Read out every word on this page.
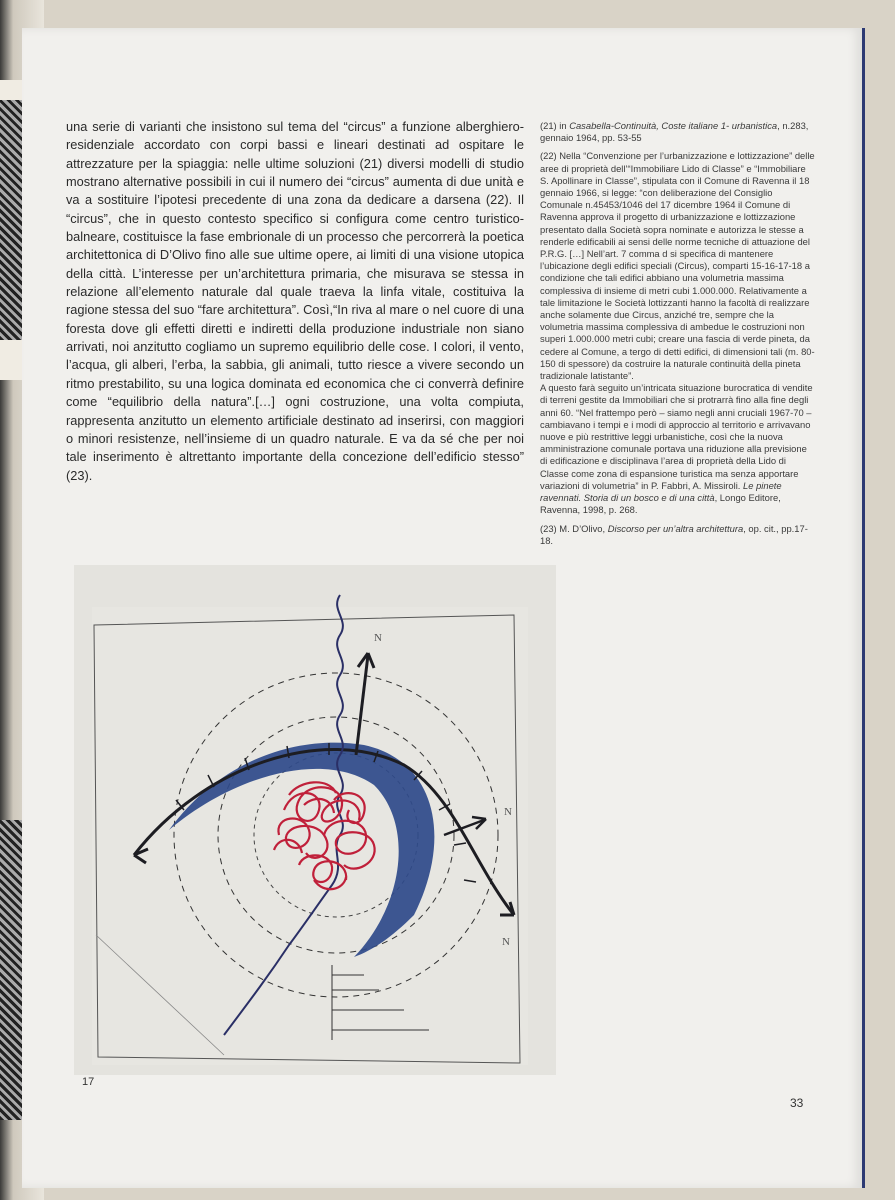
una serie di varianti che insistono sul tema del “circus” a funzione alberghiero-residenziale accordato con corpi bassi e lineari destinati ad ospitare le attrezzature per la spiaggia: nelle ultime soluzioni (21) diversi modelli di studio mostrano alternative possibili in cui il numero dei “circus” aumenta di due unità e va a sostituire l’ipotesi precedente di una zona da dedicare a darsena (22). Il “circus”, che in questo contesto specifico si configura come centro turistico-balneare, costituisce la fase embrionale di un processo che percorrerà la poetica architettonica di D’Olivo fino alle sue ultime opere, ai limiti di una visione utopica della città. L’interesse per un’architettura primaria, che misurava se stessa in relazione all’elemento naturale dal quale traeva la linfa vitale, costituiva la ragione stessa del suo “fare architettura”. Così,“In riva al mare o nel cuore di una foresta dove gli effetti diretti e indiretti della produzione industriale non siano arrivati, noi anzitutto cogliamo un supremo equilibrio delle cose. I colori, il vento, l’acqua, gli alberi, l’erba, la sabbia, gli animali, tutto riesce a vivere secondo un ritmo prestabilito, su una logica dominata ed economica che ci converrà definire come “equilibrio della natura”.[…] ogni costruzione, una volta compiuta, rappresenta anzitutto un elemento artificiale destinato ad inserirsi, con maggiori o minori resistenze, nell’insieme di un quadro naturale. E va da sé che per noi tale inserimento è altrettanto importante della concezione dell’edificio stesso” (23).

(21) in Casabella-Continuità, Coste italiane 1- urbanistica, n.283, gennaio 1964, pp. 53-55

(22) Nella “Convenzione per l’urbanizzazione e lottizzazione” delle aree di proprietà dell’“Immobiliare Lido di Classe” e “Immobiliare S. Apollinare in Classe”, stipulata con il Comune di Ravenna il 18 gennaio 1966, si legge: “con deliberazione del Consiglio Comunale n.45453/1046 del 17 dicembre 1964 il Comune di Ravenna approva il progetto di urbanizzazione e lottizzazione presentato dalla Società sopra nominate e autorizza le stesse a renderle edificabili ai sensi delle norme tecniche di attuazione del P.R.G. […] Nell’art. 7 comma d si specifica di mantenere l’ubicazione degli edifici speciali (Circus), comparti 15-16-17-18 a condizione che tali edifici abbiano una volumetria massima complessiva di insieme di metri cubi 1.000.000. Relativamente a tale limitazione le Società lottizzanti hanno la facoltà di realizzare anche solamente due Circus, anziché tre, sempre che la volumetria massima complessiva di ambedue le costruzioni non superi 1.000.000 metri cubi; creare una fascia di verde pineta, da cedere al Comune, a tergo di detti edifici, di dimensioni tali (m. 80-150 di spessore) da costruire la naturale continuità della pineta tradizionale latistante”.

A questo farà seguito un’intricata situazione burocratica di vendite di terreni gestite da Immobiliari che si protrarrà fino alla fine degli anni 60. “Nel frattempo però – siamo negli anni cruciali 1967-70 – cambiavano i tempi e i modi di approccio al territorio e arrivavano nuove e più restrittive leggi urbanistiche, così che la nuova amministrazione comunale portava una riduzione alla previsione di edificazione e disciplinava l’area di proprietà della Lido di Classe come zona di espansione turistica ma senza apportare variazioni di volumetria” in P. Fabbri, A. Missiroli. Le pinete ravennati. Storia di un bosco e di una città, Longo Editore, Ravenna, 1998, p. 268.

(23) M. D’Olivo, Discorso per un’altra architettura, op. cit., pp.17-18.

N
N
N
17
33
